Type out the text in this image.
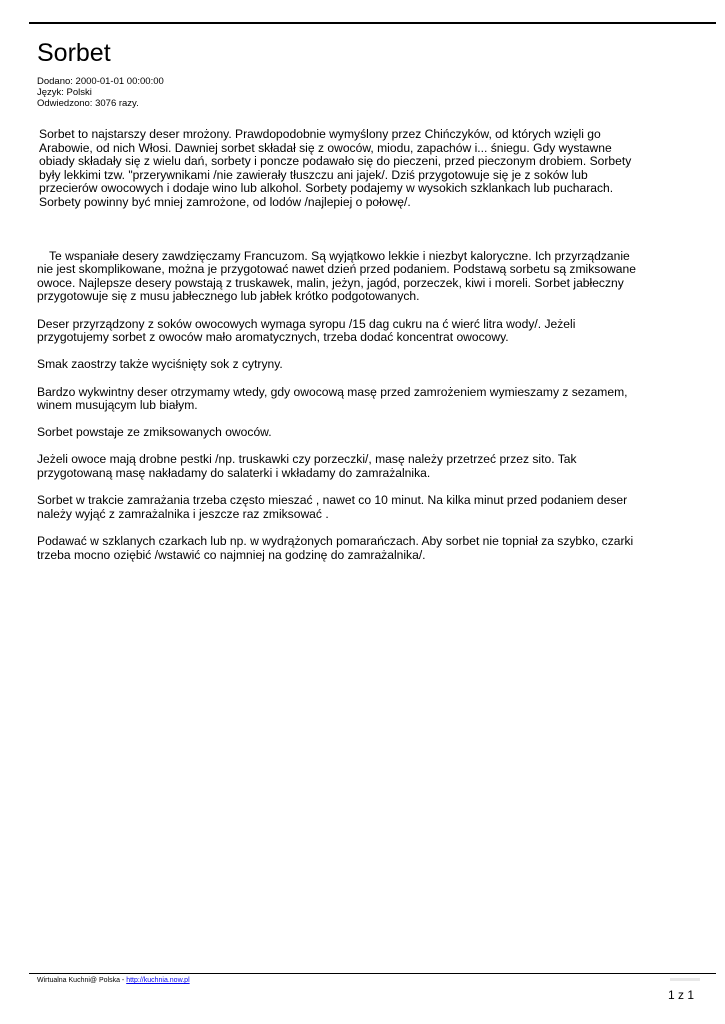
Sorbet
Dodano: 2000-01-01 00:00:00
Język: Polski
Odwiedzono: 3076 razy.

Sorbet to najstarszy deser mrożony. Prawdopodobnie wymyślony przez Chińczyków, od których wzięli go Arabowie, od nich Włosi. Dawniej sorbet składał się z owoców, miodu, zapachów i... śniegu. Gdy wystawne obiady składały się z wielu dań, sorbety i poncze podawało się do pieczeni, przed pieczonym drobiem. Sorbety były lekkimi tzw. "przerywnikami /nie zawierały tłuszczu ani jajek/. Dziś przygotowuje się je z soków lub przecierów owocowych i dodaje wino lub alkohol. Sorbety podajemy w wysokich szklankach lub pucharach. Sorbety powinny być mniej zamrożone, od lodów /najlepiej o połowę/.

Te wspaniałe desery zawdzięczamy Francuzom. Są wyjątkowo lekkie i niezbyt kaloryczne. Ich przyrządzanie nie jest skomplikowane, można je przygotować nawet dzień przed podaniem. Podstawą sorbetu są zmiksowane owoce. Najlepsze desery powstają z truskawek, malin, jeżyn, jagód, porzeczek, kiwi i moreli. Sorbet jabłeczny przygotowuje się z musu jabłecznego lub jabłek krótko podgotowanych.

Deser przyrządzony z soków owocowych wymaga syropu /15 dag cukru na ć wierć litra wody/. Jeżeli przygotujemy sorbet z owoców mało aromatycznych, trzeba dodać koncentrat owocowy.

Smak zaostrzy także wyciśnięty sok z cytryny.

Bardzo wykwintny deser otrzymamy wtedy, gdy owocową masę przed zamrożeniem wymieszamy z sezamem, winem musującym lub białym.

Sorbet powstaje ze zmiksowanych owoców.

Jeżeli owoce mają drobne pestki /np. truskawki czy porzeczki/, masę należy przetrzeć przez sito. Tak przygotowaną masę nakładamy do salaterki i wkładamy do zamrażalnika.

Sorbet w trakcie zamrażania trzeba często mieszać , nawet co 10 minut. Na kilka minut przed podaniem deser należy wyjąć z zamrażalnika i jeszcze raz zmiksować .

Podawać w szklanych czarkach lub np. w wydrążonych pomarańczach. Aby sorbet nie topniał za szybko, czarki trzeba mocno oziębić /wstawić co najmniej na godzinę do zamrażalnika/.

Wirtualna Kuchni@ Polska - http://kuchnia.now.pl
1 z 1
